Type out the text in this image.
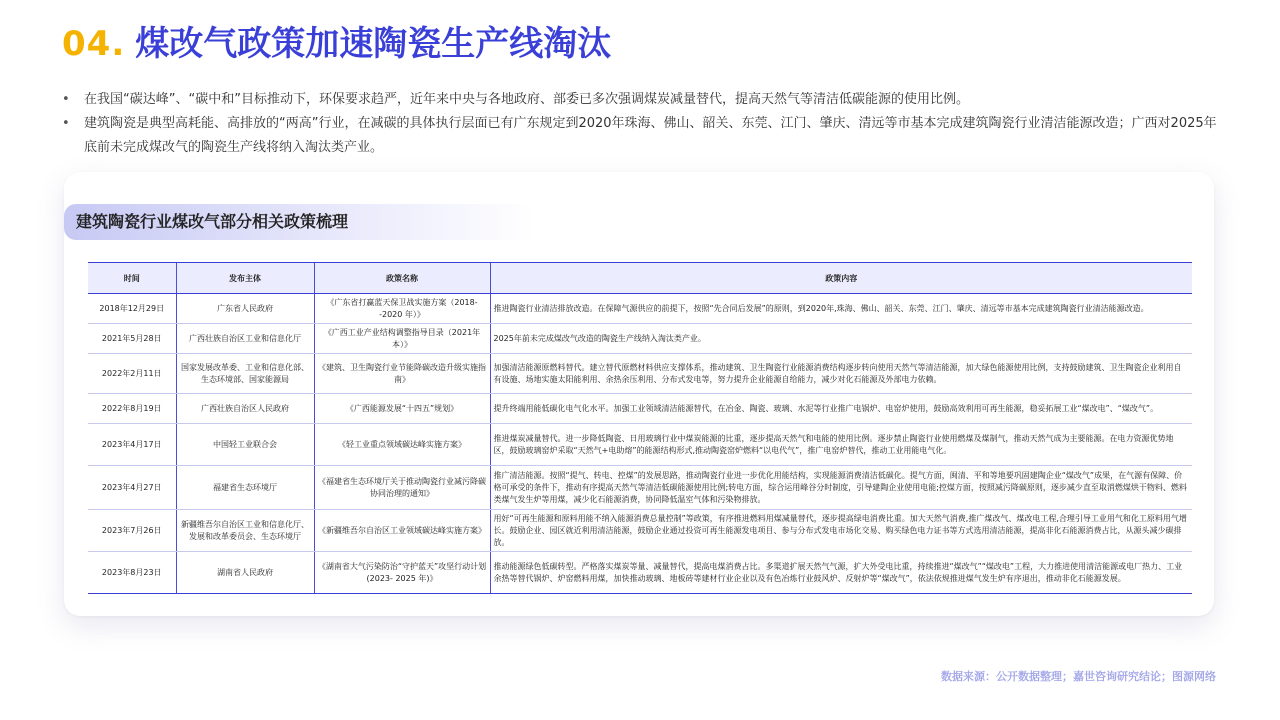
04. 煤改气政策加速陶瓷生产线淘汰
•	在我国“碳达峰”、“碳中和”目标推动下，环保要求趋严，近年来中央与各地政府、部委已多次强调煤炭减量替代，提高天然气等清洁低碳能源的使用比例。
•	建筑陶瓷是典型高耗能、高排放的“两高”行业，在减碳的具体执行层面已有广东规定到2020年珠海、佛山、韶关、东莞、江门、肇庆、清远等市基本完成建筑陶瓷行业清洁能源改造；广西对2025年底前未完成煤改气的陶瓷生产线将纳入淘汰类产业。
建筑陶瓷行业煤改气部分相关政策梳理
时间	发布主体	政策名称	政策内容
2018年12月29日	广东省人民政府	《广东省打赢蓝天保卫战实施方案（2018- -2020 年）》	推进陶瓷行业清洁排放改造。在保障气源供应的前提下，按照“先合同后发展”的原则，到2020年,珠海、佛山、韶关、东莞、江门、肇庆、清远等市基本完成建筑陶瓷行业清洁能源改造。
2021年5月28日	广西壮族自治区工业和信息化厅	《广西工业产业结构调整指导目录（2021年本）》	2025年前未完成煤改气改造的陶瓷生产线纳入淘汰类产业。
2022年2月11日	国家发展改革委、工业和信息化部、生态环境部、国家能源局	《建筑、卫生陶瓷行业节能降碳改造升级实施指南》	加强清洁能源原燃料替代。建立替代原燃材料供应支撑体系，推动建筑、卫生陶瓷行业能源消费结构逐步转向使用天然气等清洁能源，加大绿色能源使用比例，支持鼓励建筑、卫生陶瓷企业利用自有设施、场地实施太阳能利用、余热余压利用、分布式发电等，努力提升企业能源自给能力，减少对化石能源及外部电力依赖。
2022年8月19日	广西壮族自治区人民政府	《广西能源发展“十四五”规划》	提升终端用能低碳化电气化水平。加强工业领域清洁能源替代，在冶金、陶瓷、玻璃、水泥等行业推广电锅炉、电窑炉使用，鼓励高效利用可再生能源，稳妥拓展工业“煤改电”、“煤改气”。
2023年4月17日	中国轻工业联合会	《轻工业重点领域碳达峰实施方案》	推进煤炭减量替代。进一步降低陶瓷、日用玻璃行业中煤炭能源的比重，逐步提高天然气和电能的使用比例。逐步禁止陶瓷行业使用燃煤及煤制气，推动天然气成为主要能源。在电力资源优势地区，鼓励玻璃窑炉采取“天然气+电助熔”的能源结构形式,推动陶瓷窑炉燃料“以电代气”，推广电窑炉替代，推动工业用能电气化。
2023年4月27日	福建省生态环境厅	《福建省生态环境厅关于推动陶瓷行业减污降碳协同治理的通知》	推广清洁能源。按照“提气、转电、控煤”的发展思路，推动陶瓷行业进一步优化用能结构，实现能源消费清洁低碳化。提气方面，闽清、平和等地要巩固建陶企业“煤改气”成果，在气源有保障、价格可承受的条件下，推动有序提高天然气等清洁低碳能源使用比例;转电方面，综合运用峰谷分时制度，引导建陶企业使用电能;控煤方面，按照减污降碳原则，逐步减少直至取消燃煤烘干物料、燃料类煤气发生炉等用煤，减少化石能源消费，协同降低温室气体和污染物排放。
2023年7月26日	新疆维吾尔自治区工业和信息化厅、发展和改革委员会、生态环境厅	《新疆维吾尔自治区工业领域碳达峰实施方案》	用好“可再生能源和原料用能不纳入能源消费总量控制”等政策，有序推进燃料用煤减量替代，逐步提高绿电消费比重。加大天然气消费,推广煤改气、煤改电工程,合理引导工业用气和化工原料用气增长。鼓励企业、园区就近利用清洁能源，鼓励企业通过投资可再生能源发电项目、参与分布式发电市场化交易、购买绿色电力证书等方式选用清洁能源，提高非化石能源消费占比，从源头减少碳排放。
2023年8月23日	湖南省人民政府	《湖南省大气污染防治“守护蓝天”攻坚行动计划(2023- 2025 年)》	推动能源绿色低碳转型。严格落实煤炭等量、减量替代，提高电煤消费占比。多渠道扩展天然气气源，扩大外受电比重，持续推进“煤改气”“煤改电”工程，大力推进使用清洁能源或电厂热力、工业余热等替代锅炉、炉窑燃料用煤，加快推动玻璃、地板砖等建材行业企业以及有色冶炼行业鼓风炉、反射炉等“煤改气”，依法依规推进煤气发生炉有序退出，推动非化石能源发展。
数据来源：公开数据整理；嘉世咨询研究结论；图源网络
